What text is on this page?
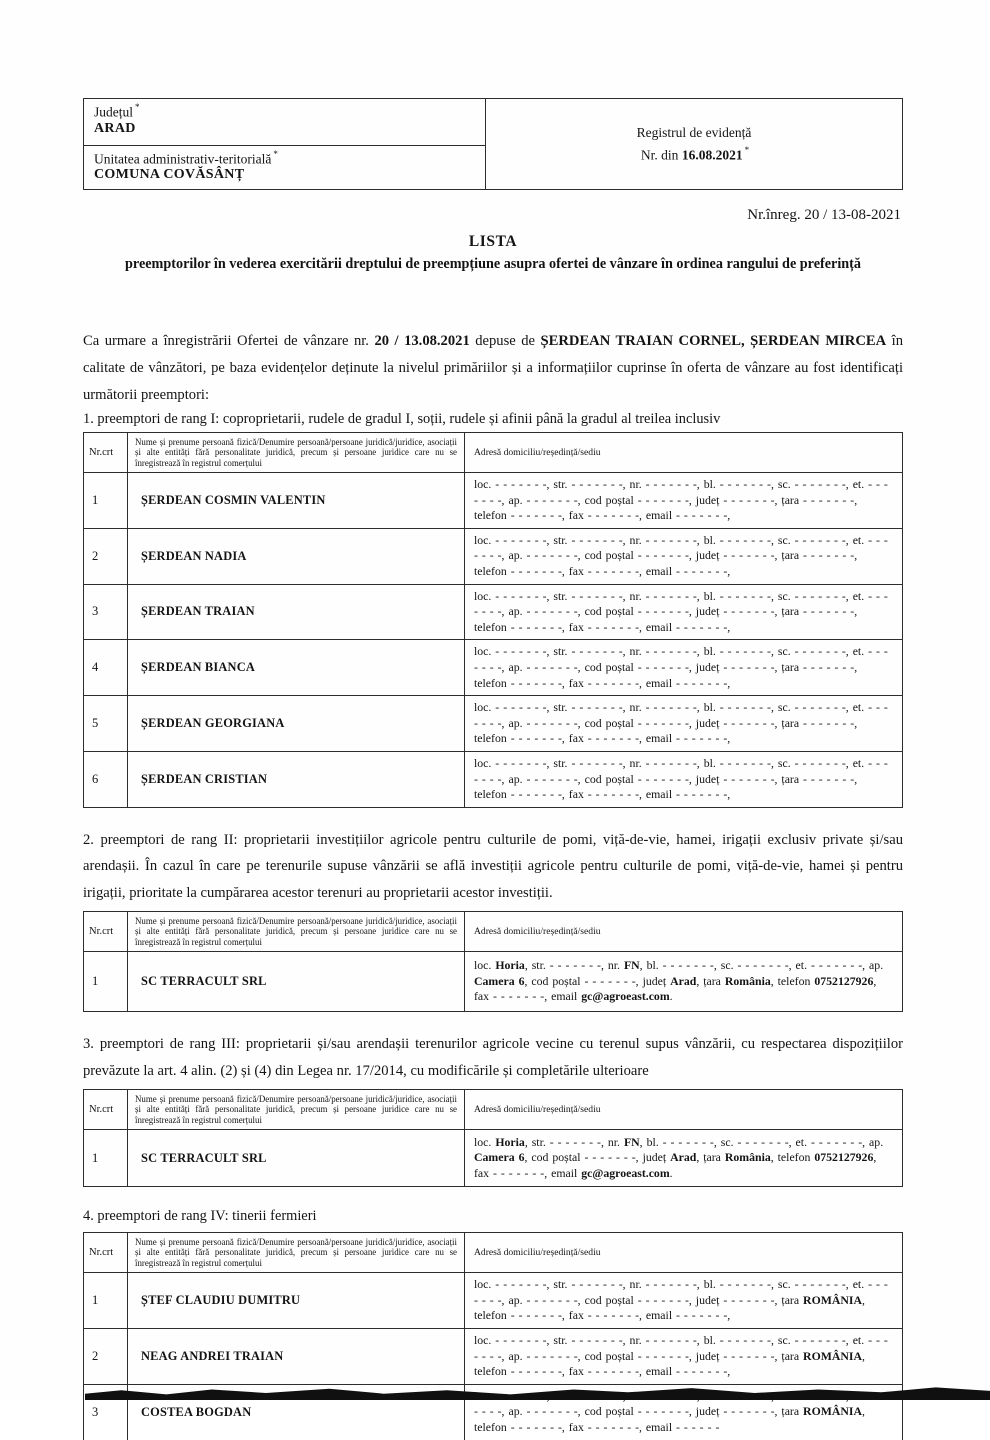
Județul *
ARAD
Unitatea administrativ-teritorială *
COMUNA COVĂSÂNȚ
Registrul de evidență
Nr. din 16.08.2021 *
Nr.înreg. 20 / 13-08-2021
LISTA
preemptorilor în vederea exercitării dreptului de preempțiune asupra ofertei de vânzare în ordinea rangului de preferință

Ca urmare a înregistrării Ofertei de vânzare nr. 20 / 13.08.2021 depuse de ȘERDEAN TRAIAN CORNEL, ȘERDEAN MIRCEA în calitate de vânzători, pe baza evidențelor deținute la nivelul primăriilor și a informațiilor cuprinse în oferta de vânzare au fost identificați următorii preemptori:

1. preemptori de rang I: coproprietarii, rudele de gradul I, soții, rudele și afinii până la gradul al treilea inclusiv
Nr.crt	Nume și prenume persoană fizică/Denumire persoană/persoane juridică/juridice, asociații și alte entități fără personalitate juridică, precum și persoane juridice care nu se înregistrează în registrul comerțului	Adresă domiciliu/reședință/sediu
1	ȘERDEAN COSMIN VALENTIN	loc. - - - - - - -, str. - - - - - - -, nr. - - - - - - -, bl. - - - - - - -, sc. - - - - - - -, et. - - - - - - -, ap. - - - - - - -, cod poștal - - - - - - -, județ - - - - - - -, țara - - - - - - -, telefon - - - - - - -, fax - - - - - - -, email - - - - - - -,
2	ȘERDEAN NADIA	loc. - - - - - - -, str. - - - - - - -, nr. - - - - - - -, bl. - - - - - - -, sc. - - - - - - -, et. - - - - - - -, ap. - - - - - - -, cod poștal - - - - - - -, județ - - - - - - -, țara - - - - - - -, telefon - - - - - - -, fax - - - - - - -, email - - - - - - -,
3	ȘERDEAN TRAIAN	loc. - - - - - - -, str. - - - - - - -, nr. - - - - - - -, bl. - - - - - - -, sc. - - - - - - -, et. - - - - - - -, ap. - - - - - - -, cod poștal - - - - - - -, județ - - - - - - -, țara - - - - - - -, telefon - - - - - - -, fax - - - - - - -, email - - - - - - -,
4	ȘERDEAN BIANCA	loc. - - - - - - -, str. - - - - - - -, nr. - - - - - - -, bl. - - - - - - -, sc. - - - - - - -, et. - - - - - - -, ap. - - - - - - -, cod poștal - - - - - - -, județ - - - - - - -, țara - - - - - - -, telefon - - - - - - -, fax - - - - - - -, email - - - - - - -,
5	ȘERDEAN GEORGIANA	loc. - - - - - - -, str. - - - - - - -, nr. - - - - - - -, bl. - - - - - - -, sc. - - - - - - -, et. - - - - - - -, ap. - - - - - - -, cod poștal - - - - - - -, județ - - - - - - -, țara - - - - - - -, telefon - - - - - - -, fax - - - - - - -, email - - - - - - -,
6	ȘERDEAN CRISTIAN	loc. - - - - - - -, str. - - - - - - -, nr. - - - - - - -, bl. - - - - - - -, sc. - - - - - - -, et. - - - - - - -, ap. - - - - - - -, cod poștal - - - - - - -, județ - - - - - - -, țara - - - - - - -, telefon - - - - - - -, fax - - - - - - -, email - - - - - - -,

2. preemptori de rang II: proprietarii investițiilor agricole pentru culturile de pomi, viță-de-vie, hamei, irigații exclusiv private și/sau arendașii. În cazul în care pe terenurile supuse vânzării se află investiții agricole pentru culturile de pomi, viță-de-vie, hamei și pentru irigații, prioritate la cumpărarea acestor terenuri au proprietarii acestor investiții.

Nr.crt	Nume și prenume persoană fizică/Denumire persoană/persoane juridică/juridice, asociații și alte entități fără personalitate juridică, precum și persoane juridice care nu se înregistrează în registrul comerțului	Adresă domiciliu/reședință/sediu
1	SC TERRACULT SRL	loc. Horia, str. - - - - - - -, nr. FN, bl. - - - - - - -, sc. - - - - - - -, et. - - - - - - -, ap. Camera 6, cod poștal - - - - - - -, județ Arad, țara România, telefon 0752127926, fax - - - - - - -, email gc@agroeast.com.

3. preemptori de rang III: proprietarii și/sau arendașii terenurilor agricole vecine cu terenul supus vânzării, cu respectarea dispozițiilor prevăzute la art. 4 alin. (2) și (4) din Legea nr. 17/2014, cu modificările și completările ulterioare

Nr.crt	Nume și prenume persoană fizică/Denumire persoană/persoane juridică/juridice, asociații și alte entități fără personalitate juridică, precum și persoane juridice care nu se înregistrează în registrul comerțului	Adresă domiciliu/reședință/sediu
1	SC TERRACULT SRL	loc. Horia, str. - - - - - - -, nr. FN, bl. - - - - - - -, sc. - - - - - - -, et. - - - - - - -, ap. Camera 6, cod poștal - - - - - - -, județ Arad, țara România, telefon 0752127926, fax - - - - - - -, email gc@agroeast.com.
4. preemptori de rang IV: tinerii fermieri
Nr.crt	Nume și prenume persoană fizică/Denumire persoană/persoane juridică/juridice, asociații și alte entități fără personalitate juridică, precum și persoane juridice care nu se înregistrează în registrul comerțului	Adresă domiciliu/reședință/sediu
1	ȘTEF CLAUDIU DUMITRU	loc. - - - - - - -, str. - - - - - - -, nr. - - - - - - -, bl. - - - - - - -, sc. - - - - - - -, et. - - - - - - -, ap. - - - - - - -, cod poștal - - - - - - -, județ - - - - - - -, țara ROMÂNIA, telefon - - - - - - -, fax - - - - - - -, email - - - - - - -,
2	NEAG ANDREI TRAIAN	loc. - - - - - - -, str. - - - - - - -, nr. - - - - - - -, bl. - - - - - - -, sc. - - - - - - -, et. - - - - - - -, ap. - - - - - - -, cod poștal - - - - - - -, județ - - - - - - -, țara ROMÂNIA, telefon - - - - - - -, fax - - - - - - -, email - - - - - - -,
3	COSTEA BOGDAN	- - - -, ap. - - - - - - -, cod poștal - - - - - - -, județ - - - - - - -, țara ROMÂNIA, telefon - - - - - - -, fax - - - - - - -, email - - - - - -
